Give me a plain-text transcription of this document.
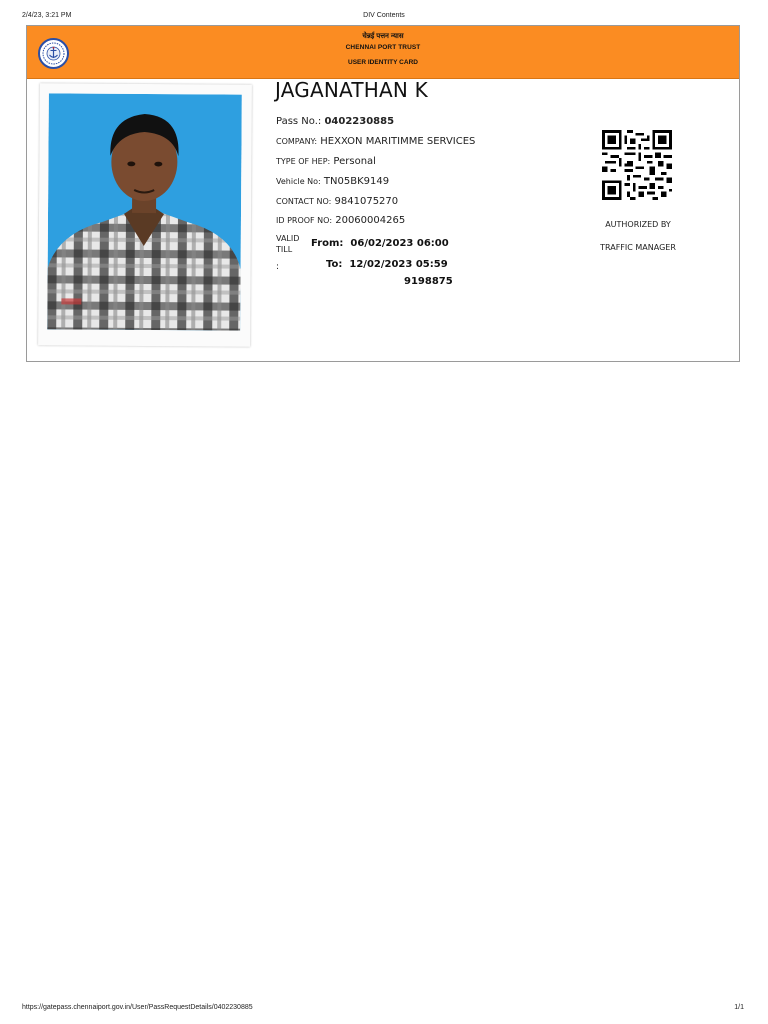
2/4/23, 3:21 PM	DIV Contents
चेन्नई पत्तन न्यास
CHENNAI PORT TRUST
USER IDENTITY CARD
JAGANATHAN K
Pass No.: 0402230885
COMPANY: HEXXON MARITIMME SERVICES
TYPE OF HEP: Personal
Vehicle No: TN05BK9149
CONTACT NO: 9841075270
ID PROOF NO: 20060004265
VALID
TILL
:
From: 06/02/2023 06:00
To: 12/02/2023 05:59
9198875
AUTHORIZED BY
TRAFFIC MANAGER
https://gatepass.chennaiport.gov.in/User/PassRequestDetails/0402230885	1/1
